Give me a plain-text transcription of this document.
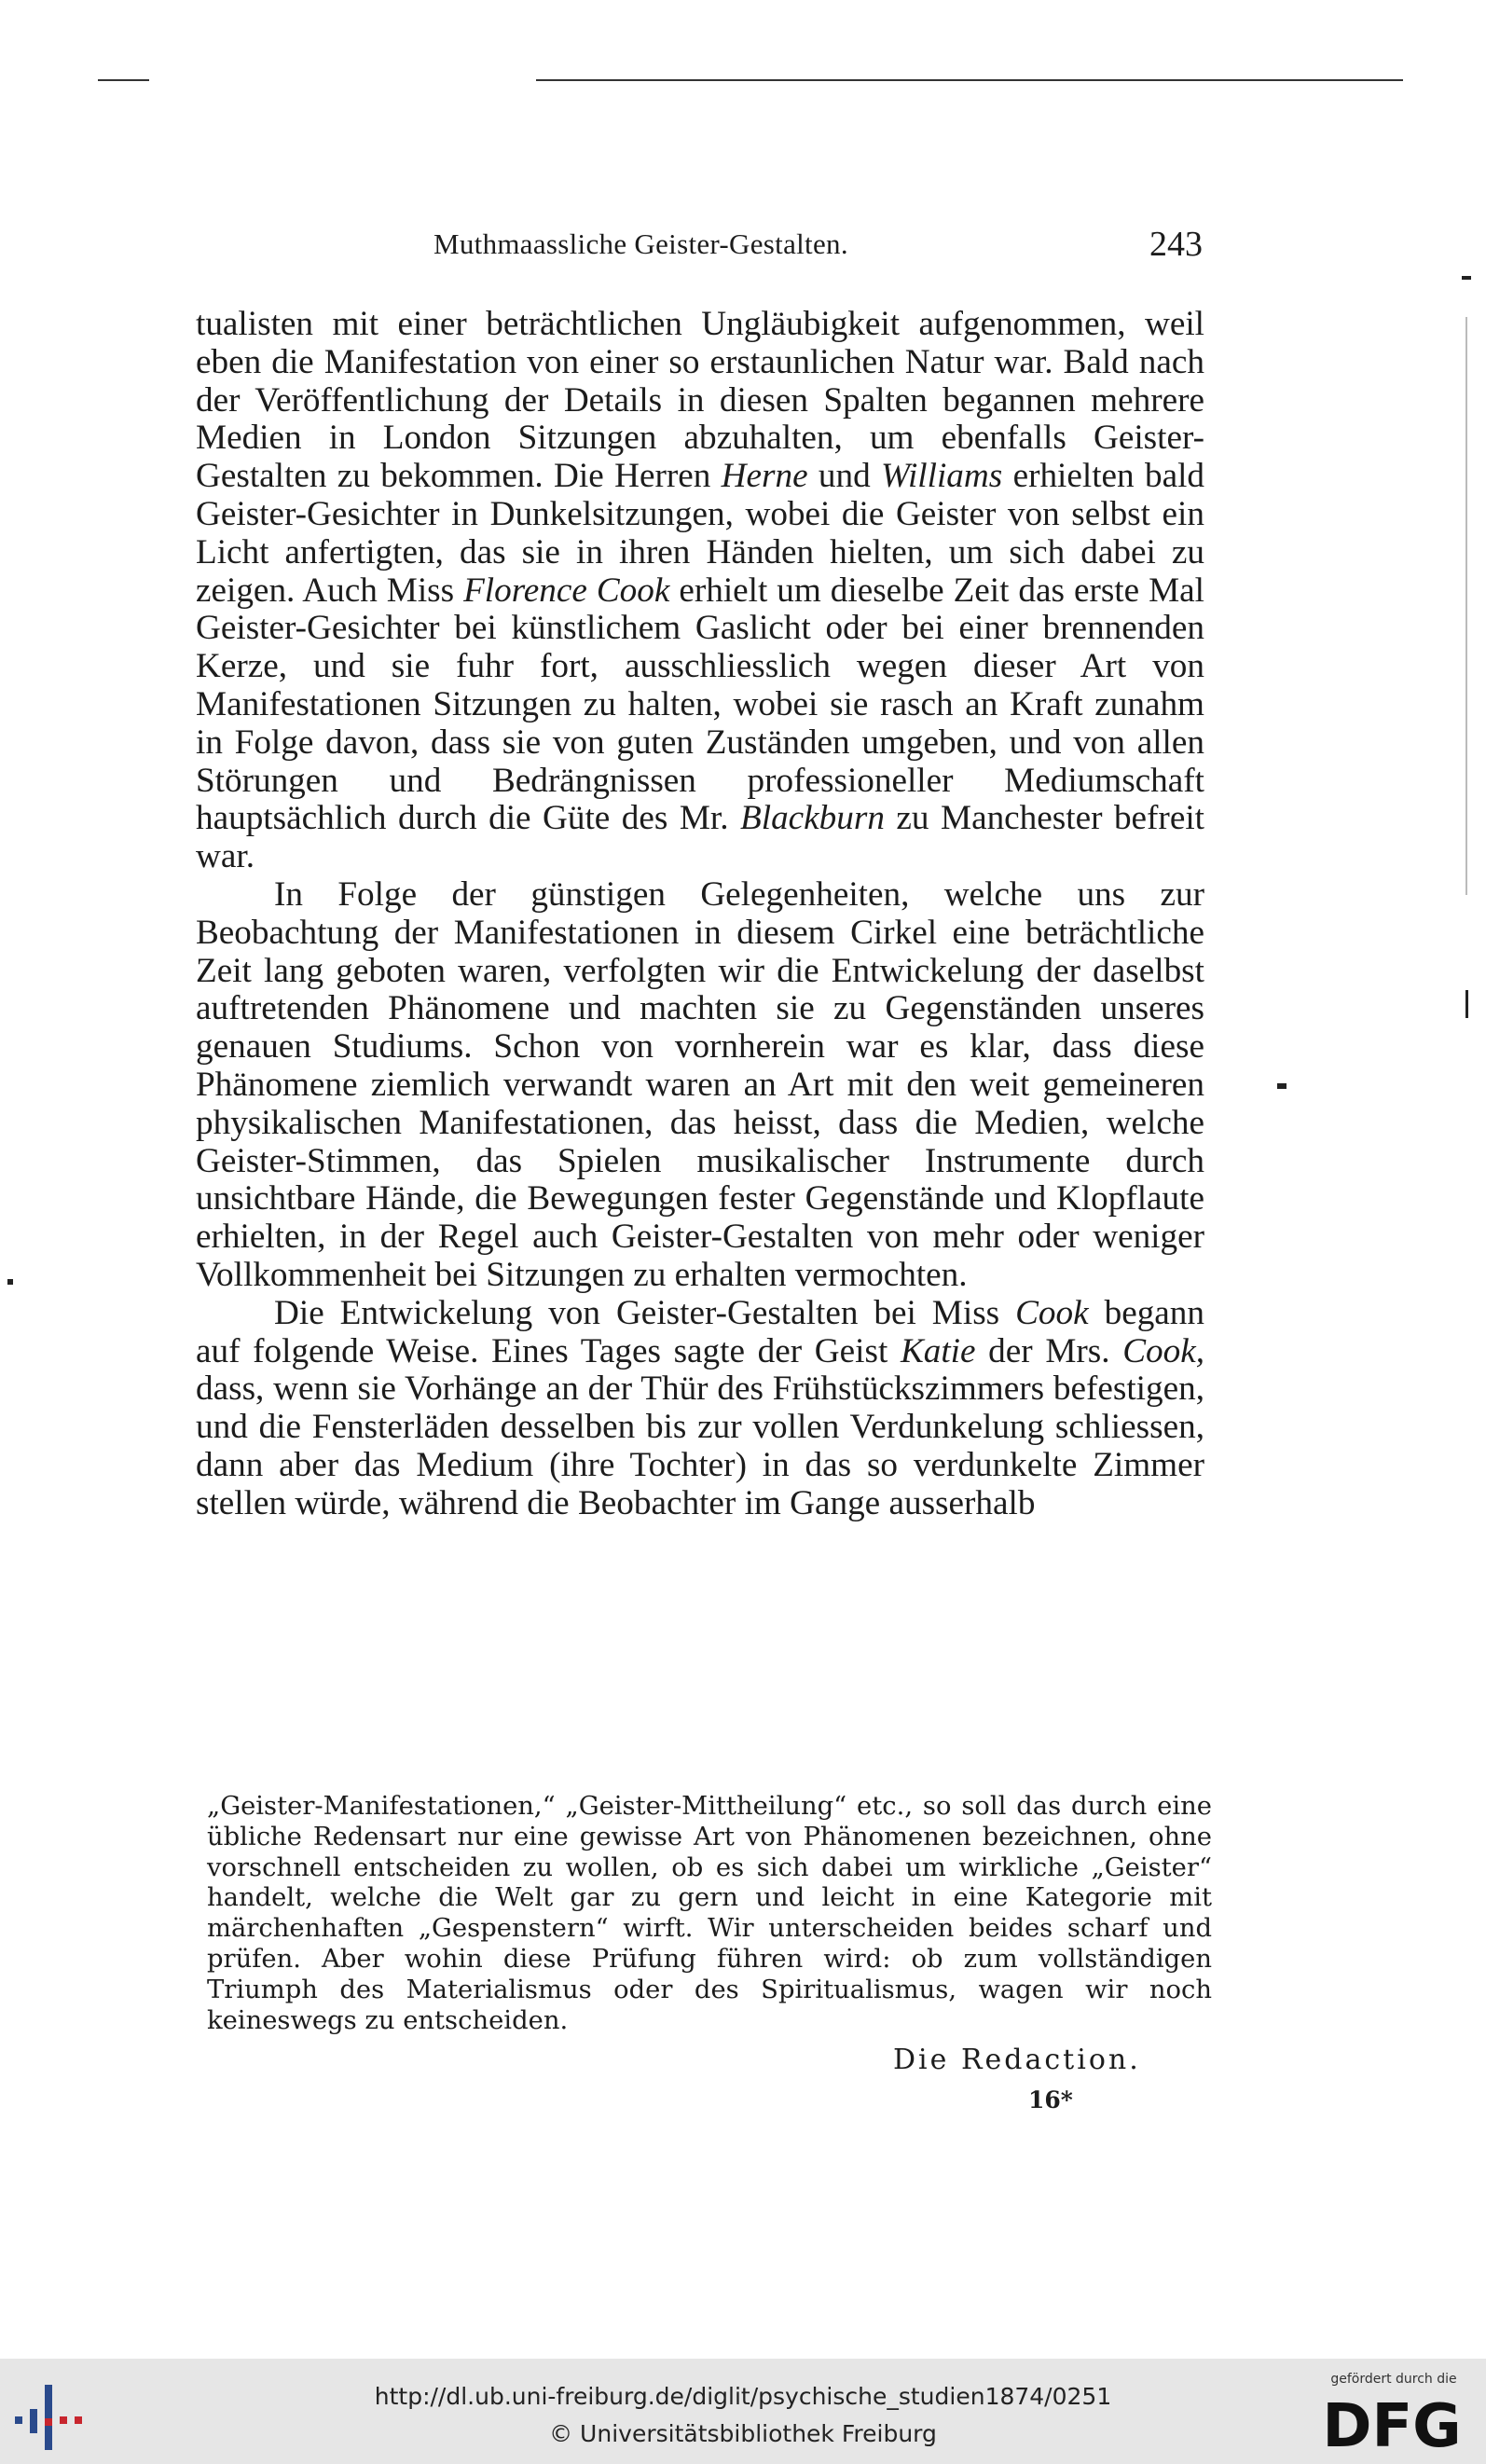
Muthmaassliche Geister-Gestalten.	243

tualisten mit einer beträchtlichen Ungläubigkeit aufgenommen, weil eben die Manifestation von einer so erstaunlichen Natur war. Bald nach der Veröffentlichung der Details in diesen Spalten begannen mehrere Medien in London Sitzungen abzuhalten, um ebenfalls Geister-Gestalten zu bekommen. Die Herren Herne und Williams erhielten bald Geister-Gesichter in Dunkelsitzungen, wobei die Geister von selbst ein Licht anfertigten, das sie in ihren Händen hielten, um sich dabei zu zeigen. Auch Miss Florence Cook erhielt um dieselbe Zeit das erste Mal Geister-Gesichter bei künstlichem Gaslicht oder bei einer brennenden Kerze, und sie fuhr fort, ausschliesslich wegen dieser Art von Manifestationen Sitzungen zu halten, wobei sie rasch an Kraft zunahm in Folge davon, dass sie von guten Zuständen umgeben, und von allen Störungen und Bedrängnissen professioneller Mediumschaft hauptsächlich durch die Güte des Mr. Blackburn zu Manchester befreit war.

In Folge der günstigen Gelegenheiten, welche uns zur Beobachtung der Manifestationen in diesem Cirkel eine beträchtliche Zeit lang geboten waren, verfolgten wir die Entwickelung der daselbst auftretenden Phänomene und machten sie zu Gegenständen unseres genauen Studiums. Schon von vornherein war es klar, dass diese Phänomene ziemlich verwandt waren an Art mit den weit gemeineren physikalischen Manifestationen, das heisst, dass die Medien, welche Geister-Stimmen, das Spielen musikalischer Instrumente durch unsichtbare Hände, die Bewegungen fester Gegenstände und Klopflaute erhielten, in der Regel auch Geister-Gestalten von mehr oder weniger Vollkommenheit bei Sitzungen zu erhalten vermochten.

Die Entwickelung von Geister-Gestalten bei Miss Cook begann auf folgende Weise. Eines Tages sagte der Geist Katie der Mrs. Cook, dass, wenn sie Vorhänge an der Thür des Frühstückszimmers befestigen, und die Fensterläden desselben bis zur vollen Verdunkelung schliessen, dann aber das Medium (ihre Tochter) in das so verdunkelte Zimmer stellen würde, während die Beobachter im Gange ausserhalb

„Geister-Manifestationen,“ „Geister-Mittheilung“ etc., so soll das durch eine übliche Redensart nur eine gewisse Art von Phänomenen bezeichnen, ohne vorschnell entscheiden zu wollen, ob es sich dabei um wirkliche „Geister“ handelt, welche die Welt gar zu gern und leicht in eine Kategorie mit märchenhaften „Gespenstern“ wirft. Wir unterscheiden beides scharf und prüfen. Aber wohin diese Prüfung führen wird: ob zum vollständigen Triumph des Materialismus oder des Spiritualismus, wagen wir noch keineswegs zu entscheiden.

Die Redaction.
16*
http://dl.ub.uni-freiburg.de/diglit/psychische_studien1874/0251
© Universitätsbibliothek Freiburg
gefördert durch die
DFG
